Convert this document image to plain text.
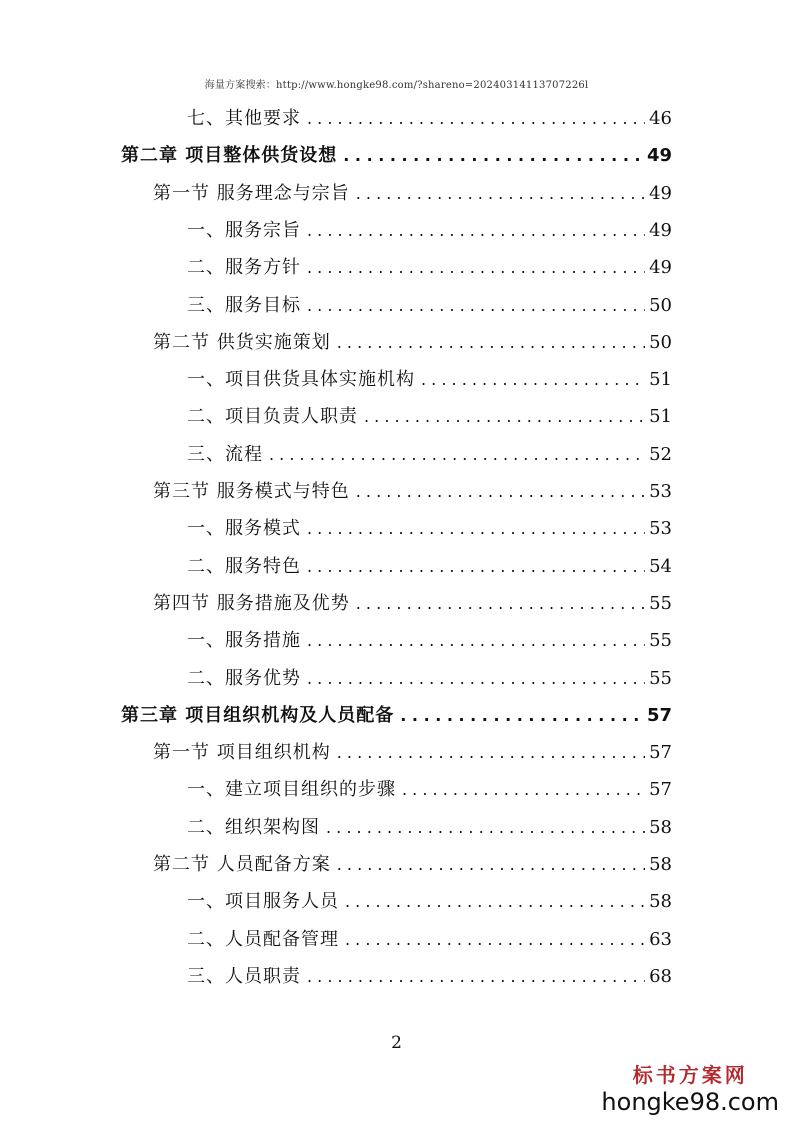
海量方案搜索：http://www.hongke98.com/?shareno=20240314113707226l
七、其他要求 . . .	46
第二章 项目整体供货设想 . . .	49
第一节 服务理念与宗旨 . . .	49
一、服务宗旨 . . .	49
二、服务方针 . . .	49
三、服务目标 . . .	50
第二节 供货实施策划 . . .	50
一、项目供货具体实施机构 . . .	51
二、项目负责人职责 . . .	51
三、流程 . . .	52
第三节 服务模式与特色 . . .	53
一、服务模式 . . .	53
二、服务特色 . . .	54
第四节 服务措施及优势 . . .	55
一、服务措施 . . .	55
二、服务优势 . . .	55
第三章 项目组织机构及人员配备 . . .	57
第一节 项目组织机构 . . .	57
一、建立项目组织的步骤 . . .	57
二、组织架构图 . . .	58
第二节 人员配备方案 . . .	58
一、项目服务人员 . . .	58
二、人员配备管理 . . .	63
三、人员职责 . . .	68
2
标书方案网
hongke98.com
